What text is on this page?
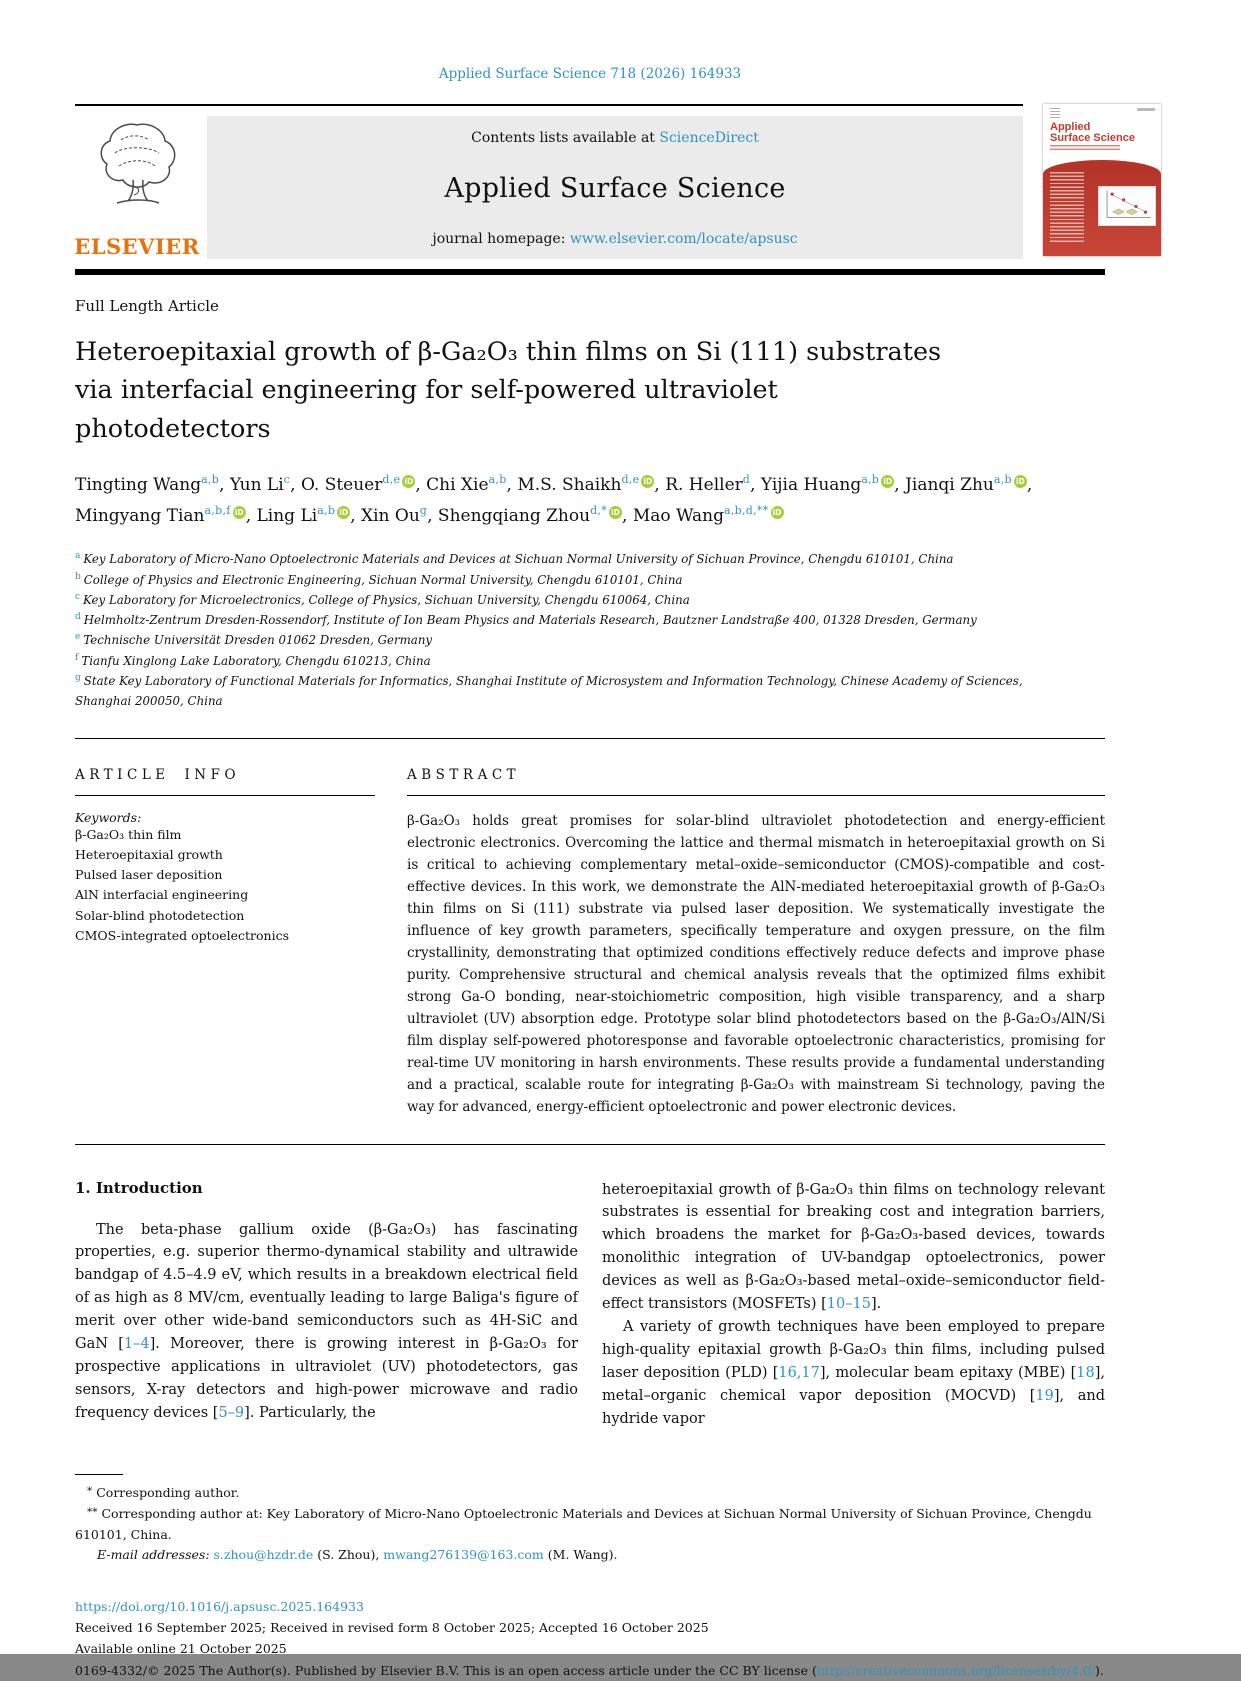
Applied Surface Science 718 (2026) 164933
ELSEVIER
Contents lists available at ScienceDirect
Applied Surface Science
journal homepage: www.elsevier.com/locate/apsusc
Applied
Surface Science
Full Length Article
Heteroepitaxial growth of β-Ga₂O₃ thin films on Si (111) substrates via interfacial engineering for self-powered ultraviolet photodetectors

Tingting Wang$^{a,b}$, Yun Li$^c$, O. Steuer$^{d,e}$ iD , Chi Xie$^{a,b}$, M.S. Shaikh$^{d,e}$ iD , R. Heller$^d$, Yijia Huang$^{a,b}$ iD , Jianqi Zhu$^{a,b}$ iD , Mingyang Tian$^{a,b,f}$ iD , Ling Li$^{a,b}$ iD , Xin Ou$^g$, Shengqiang Zhou$^{d,*}$ iD , Mao Wang$^{a,b,d,**}$ iD

$^a$ Key Laboratory of Micro-Nano Optoelectronic Materials and Devices at Sichuan Normal University of Sichuan Province, Chengdu 610101, China
$^b$ College of Physics and Electronic Engineering, Sichuan Normal University, Chengdu 610101, China
$^c$ Key Laboratory for Microelectronics, College of Physics, Sichuan University, Chengdu 610064, China
$^d$ Helmholtz-Zentrum Dresden-Rossendorf, Institute of Ion Beam Physics and Materials Research, Bautzner Landstraße 400, 01328 Dresden, Germany
$^e$ Technische Universität Dresden 01062 Dresden, Germany
$^f$ Tianfu Xinglong Lake Laboratory, Chengdu 610213, China
$^g$ State Key Laboratory of Functional Materials for Informatics, Shanghai Institute of Microsystem and Information Technology, Chinese Academy of Sciences, Shanghai 200050, China
ARTICLE INFO
Keywords:
β-Ga₂O₃ thin film
Heteroepitaxial growth
Pulsed laser deposition
AlN interfacial engineering
Solar-blind photodetection
CMOS-integrated optoelectronics
ABSTRACT

β-Ga₂O₃ holds great promises for solar-blind ultraviolet photodetection and energy-efficient electronic electronics. Overcoming the lattice and thermal mismatch in heteroepitaxial growth on Si is critical to achieving complementary metal–oxide–semiconductor (CMOS)-compatible and cost-effective devices. In this work, we demonstrate the AlN-mediated heteroepitaxial growth of β-Ga₂O₃ thin films on Si (111) substrate via pulsed laser deposition. We systematically investigate the influence of key growth parameters, specifically temperature and oxygen pressure, on the film crystallinity, demonstrating that optimized conditions effectively reduce defects and improve phase purity. Comprehensive structural and chemical analysis reveals that the optimized films exhibit strong Ga-O bonding, near-stoichiometric composition, high visible transparency, and a sharp ultraviolet (UV) absorption edge. Prototype solar blind photodetectors based on the β-Ga₂O₃/AlN/Si film display self-powered photoresponse and favorable optoelectronic characteristics, promising for real-time UV monitoring in harsh environments. These results provide a fundamental understanding and a practical, scalable route for integrating β-Ga₂O₃ with mainstream Si technology, paving the way for advanced, energy-efficient optoelectronic and power electronic devices.

1. Introduction

The beta-phase gallium oxide (β-Ga₂O₃) has fascinating properties, e.g. superior thermo-dynamical stability and ultrawide bandgap of 4.5–4.9 eV, which results in a breakdown electrical field of as high as 8 MV/cm, eventually leading to large Baliga's figure of merit over other wide-band semiconductors such as 4H-SiC and GaN [1–4]. Moreover, there is growing interest in β-Ga₂O₃ for prospective applications in ultraviolet (UV) photodetectors, gas sensors, X-ray detectors and high-power microwave and radio frequency devices [5–9]. Particularly, the

heteroepitaxial growth of β-Ga₂O₃ thin films on technology relevant substrates is essential for breaking cost and integration barriers, which broadens the market for β-Ga₂O₃-based devices, towards monolithic integration of UV-bandgap optoelectronics, power devices as well as β-Ga₂O₃-based metal–oxide–semiconductor field-effect transistors (MOSFETs) [10–15].

A variety of growth techniques have been employed to prepare high-quality epitaxial growth β-Ga₂O₃ thin films, including pulsed laser deposition (PLD) [16,17], molecular beam epitaxy (MBE) [18], metal–organic chemical vapor deposition (MOCVD) [19], and hydride vapor

* Corresponding author.
** Corresponding author at: Key Laboratory of Micro-Nano Optoelectronic Materials and Devices at Sichuan Normal University of Sichuan Province, Chengdu 610101, China.
E-mail addresses: s.zhou@hzdr.de (S. Zhou), mwang276139@163.com (M. Wang).
https://doi.org/10.1016/j.apsusc.2025.164933
Received 16 September 2025; Received in revised form 8 October 2025; Accepted 16 October 2025
Available online 21 October 2025
0169-4332/© 2025 The Author(s). Published by Elsevier B.V. This is an open access article under the CC BY license (http://creativecommons.org/licenses/by/4.0/).
